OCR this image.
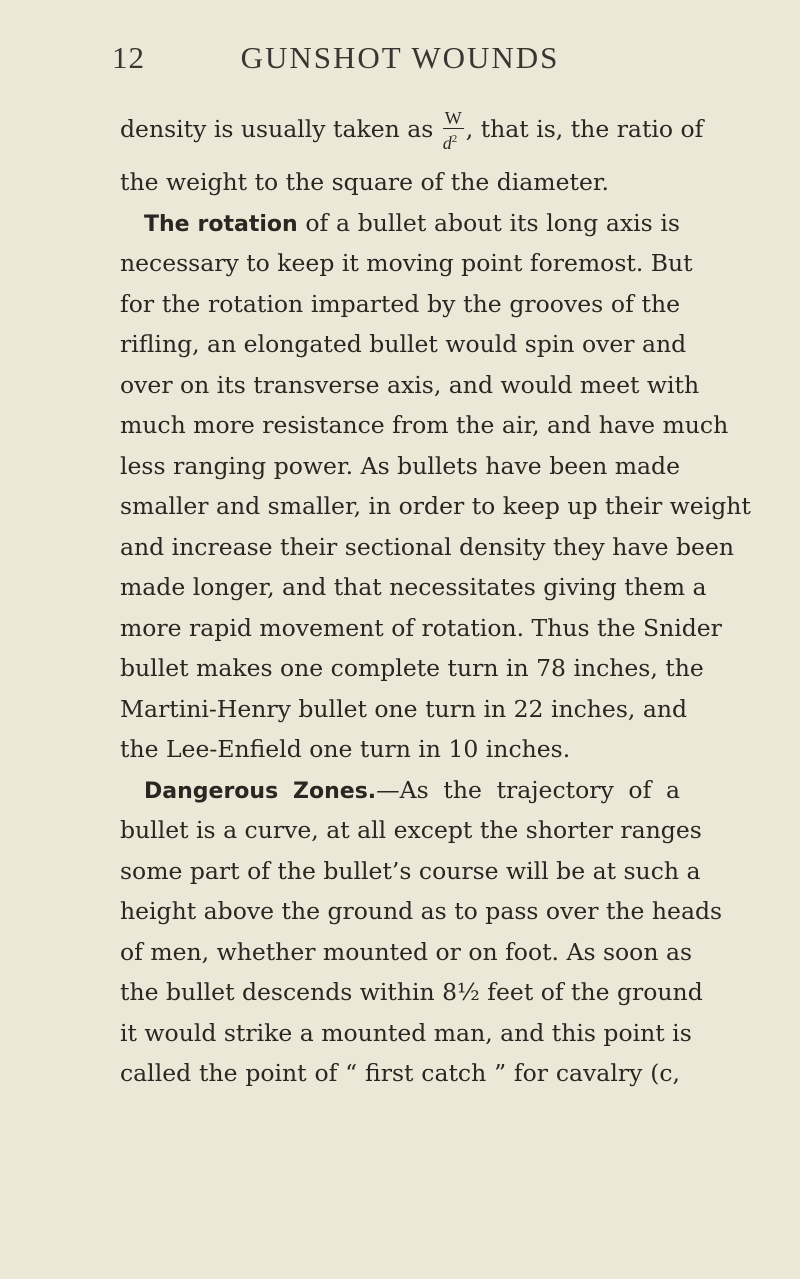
12	GUNSHOT WOUNDS
density is usually taken as $\frac{W}{d^2}$ , that is, the ratio of
the weight to the square of the diameter.
The rotation of a bullet about its long axis is
necessary to keep it moving point foremost. But
for the rotation imparted by the grooves of the
rifling, an elongated bullet would spin over and
over on its transverse axis, and would meet with
much more resistance from the air, and have much
less ranging power. As bullets have been made
smaller and smaller, in order to keep up their weight
and increase their sectional density they have been
made longer, and that necessitates giving them a
more rapid movement of rotation. Thus the Snider
bullet makes one complete turn in 78 inches, the
Martini-Henry bullet one turn in 22 inches, and
the Lee-Enfield one turn in 10 inches.
Dangerous Zones.—As the trajectory of a
bullet is a curve, at all except the shorter ranges
some part of the bullet’s course will be at such a
height above the ground as to pass over the heads
of men, whether mounted or on foot. As soon as
the bullet descends within 8½ feet of the ground
it would strike a mounted man, and this point is
called the point of “ first catch ” for cavalry (c,
